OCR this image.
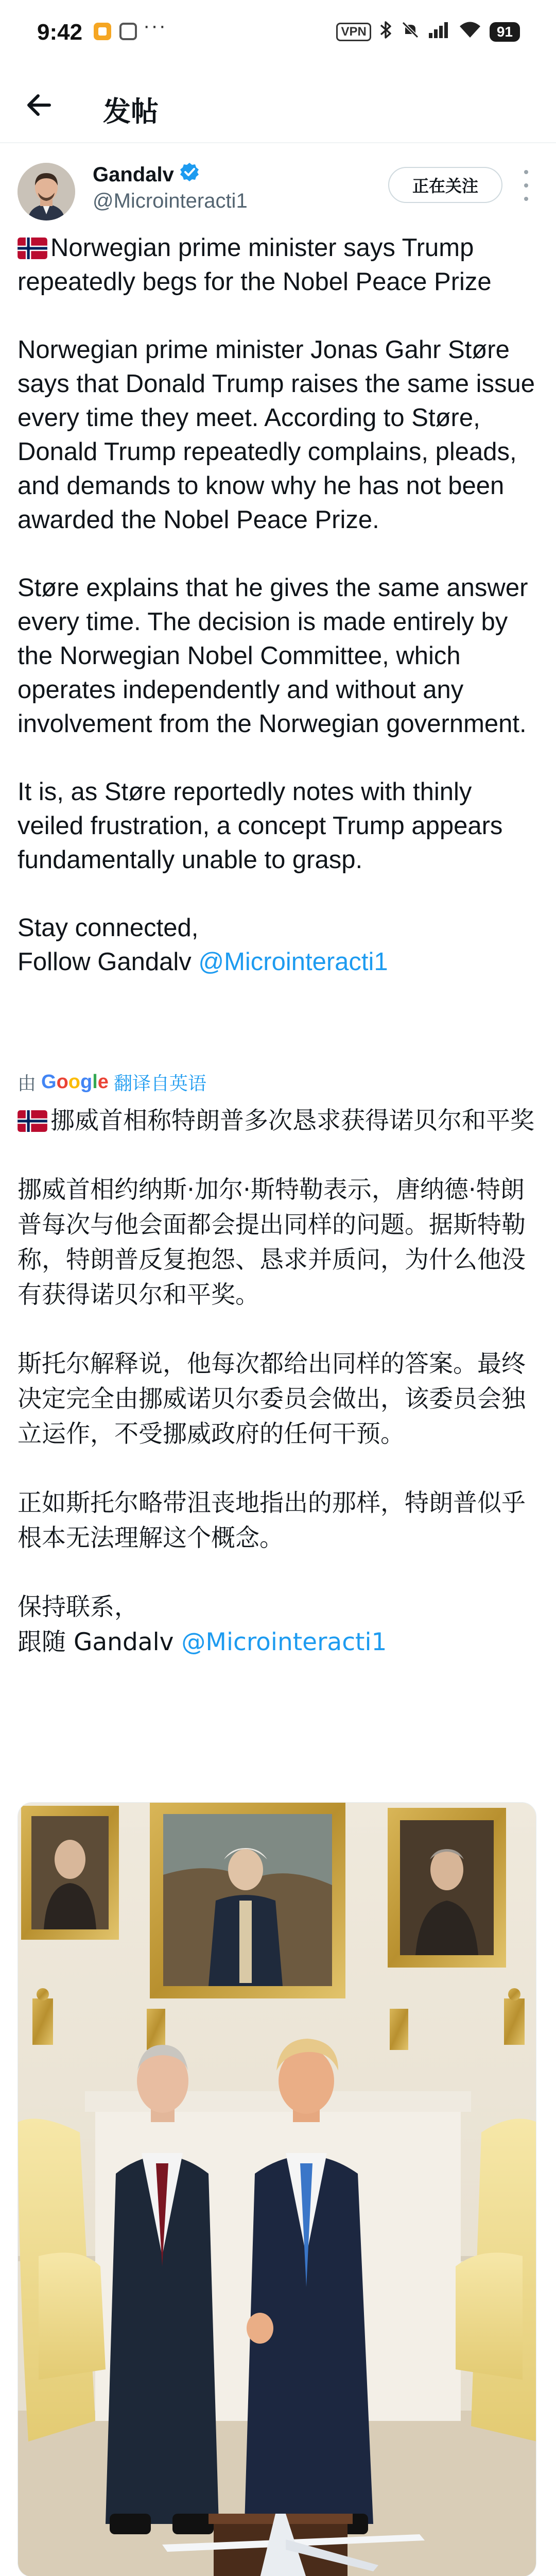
9:42	···	VPN	91
发帖
Gandalv
@Microinteracti1
正在关注

Norwegian prime minister says Trump repeatedly begs for the Nobel Peace Prize

Norwegian prime minister Jonas Gahr Støre says that Donald Trump raises the same issue every time they meet. According to Støre, Donald Trump repeatedly complains, pleads, and demands to know why he has not been awarded the Nobel Peace Prize.

Støre explains that he gives the same answer every time. The decision is made entirely by the Norwegian Nobel Committee, which operates independently and without any involvement from the Norwegian government.

It is, as Støre reportedly notes with thinly veiled frustration, a concept Trump appears fundamentally unable to grasp.

Stay connected,

Follow Gandalv @Microinteracti1

由 Google 翻译自英语

挪威首相称特朗普多次恳求获得诺贝尔和平奖

挪威首相约纳斯·加尔·斯特勒表示，唐纳德·特朗普每次与他会面都会提出同样的问题。据斯特勒称，特朗普反复抱怨、恳求并质问，为什么他没有获得诺贝尔和平奖。

斯托尔解释说，他每次都给出同样的答案。最终决定完全由挪威诺贝尔委员会做出，该委员会独立运作，不受挪威政府的任何干预。

正如斯托尔略带沮丧地指出的那样，特朗普似乎根本无法理解这个概念。

保持联系，

跟随 Gandalv @Microinteracti1
